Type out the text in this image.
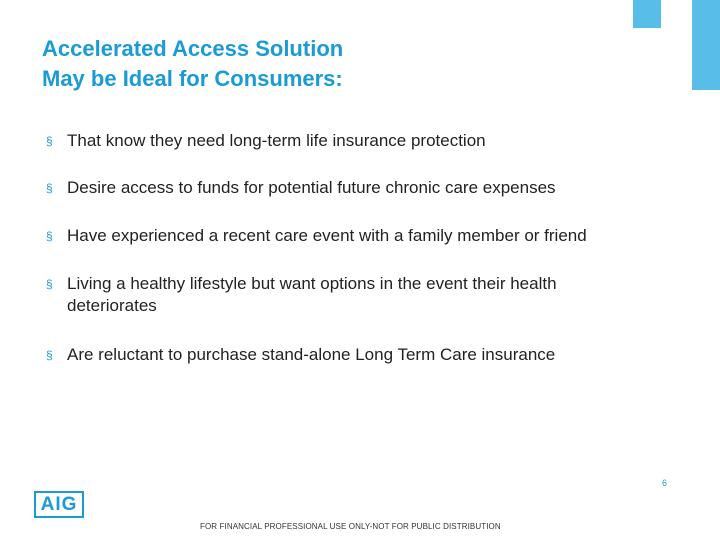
Accelerated Access Solution
May be Ideal for Consumers:
§ That know they need long-term life insurance protection
§ Desire access to funds for potential future chronic care expenses
§ Have experienced a recent care event with a family member or friend
§ Living a healthy lifestyle but want options in the event their health deteriorates
§ Are reluctant to purchase stand-alone Long Term Care insurance
AIG
6
FOR FINANCIAL PROFESSIONAL USE ONLY-NOT FOR PUBLIC DISTRIBUTION
